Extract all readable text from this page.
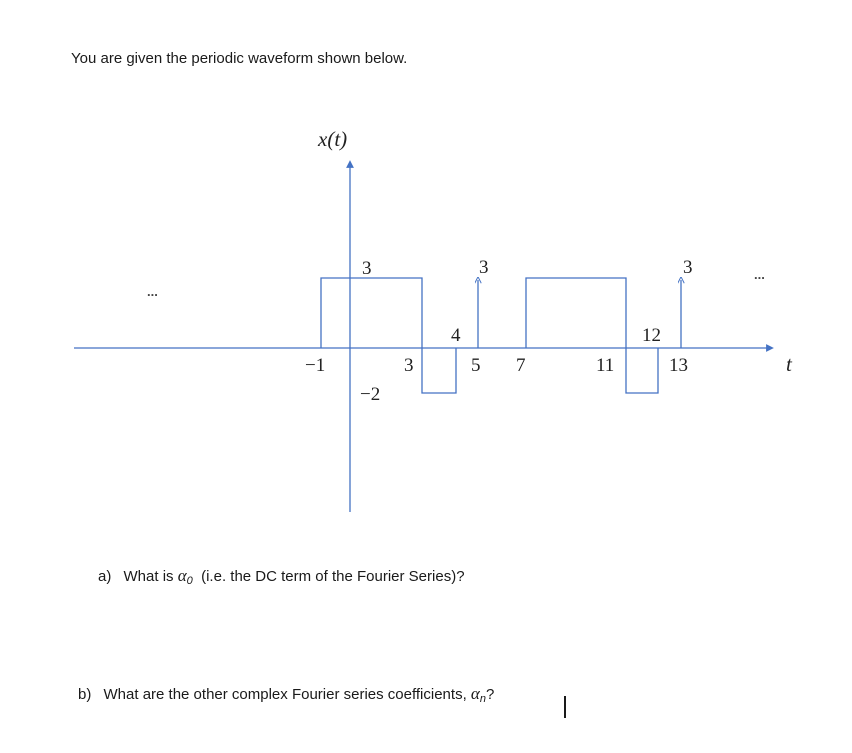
You are given the periodic waveform shown below.
x(t)
t
...
...
−1	3	5 7	11	13
−2
4	12
3	3	3
a) What is $\alpha_0$ (i.e. the DC term of the Fourier Series)?
b) What are the other complex Fourier series coefficients, $\alpha_n$?
